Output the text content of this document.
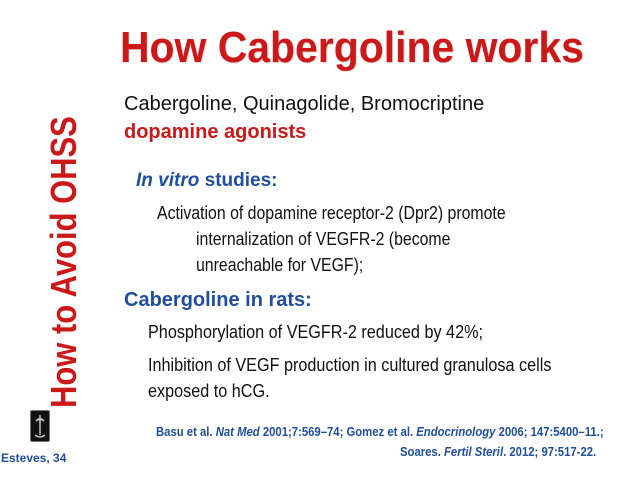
How to Avoid OHSS
Esteves, 34
How Cabergoline works
Cabergoline, Quinagolide, Bromocriptine
dopamine agonists
In vitro studies:
Activation of dopamine receptor-2 (Dpr2) promote
internalization of VEGFR-2 (become
unreachable for VEGF);
Cabergoline in rats:
Phosphorylation of VEGFR-2 reduced by 42%;
Inhibition of VEGF production in cultured granulosa cells
exposed to hCG.
Basu et al. Nat Med 2001;7:569–74; Gomez et al. Endocrinology 2006; 147:5400–11.;
Soares. Fertil Steril. 2012; 97:517-22.
